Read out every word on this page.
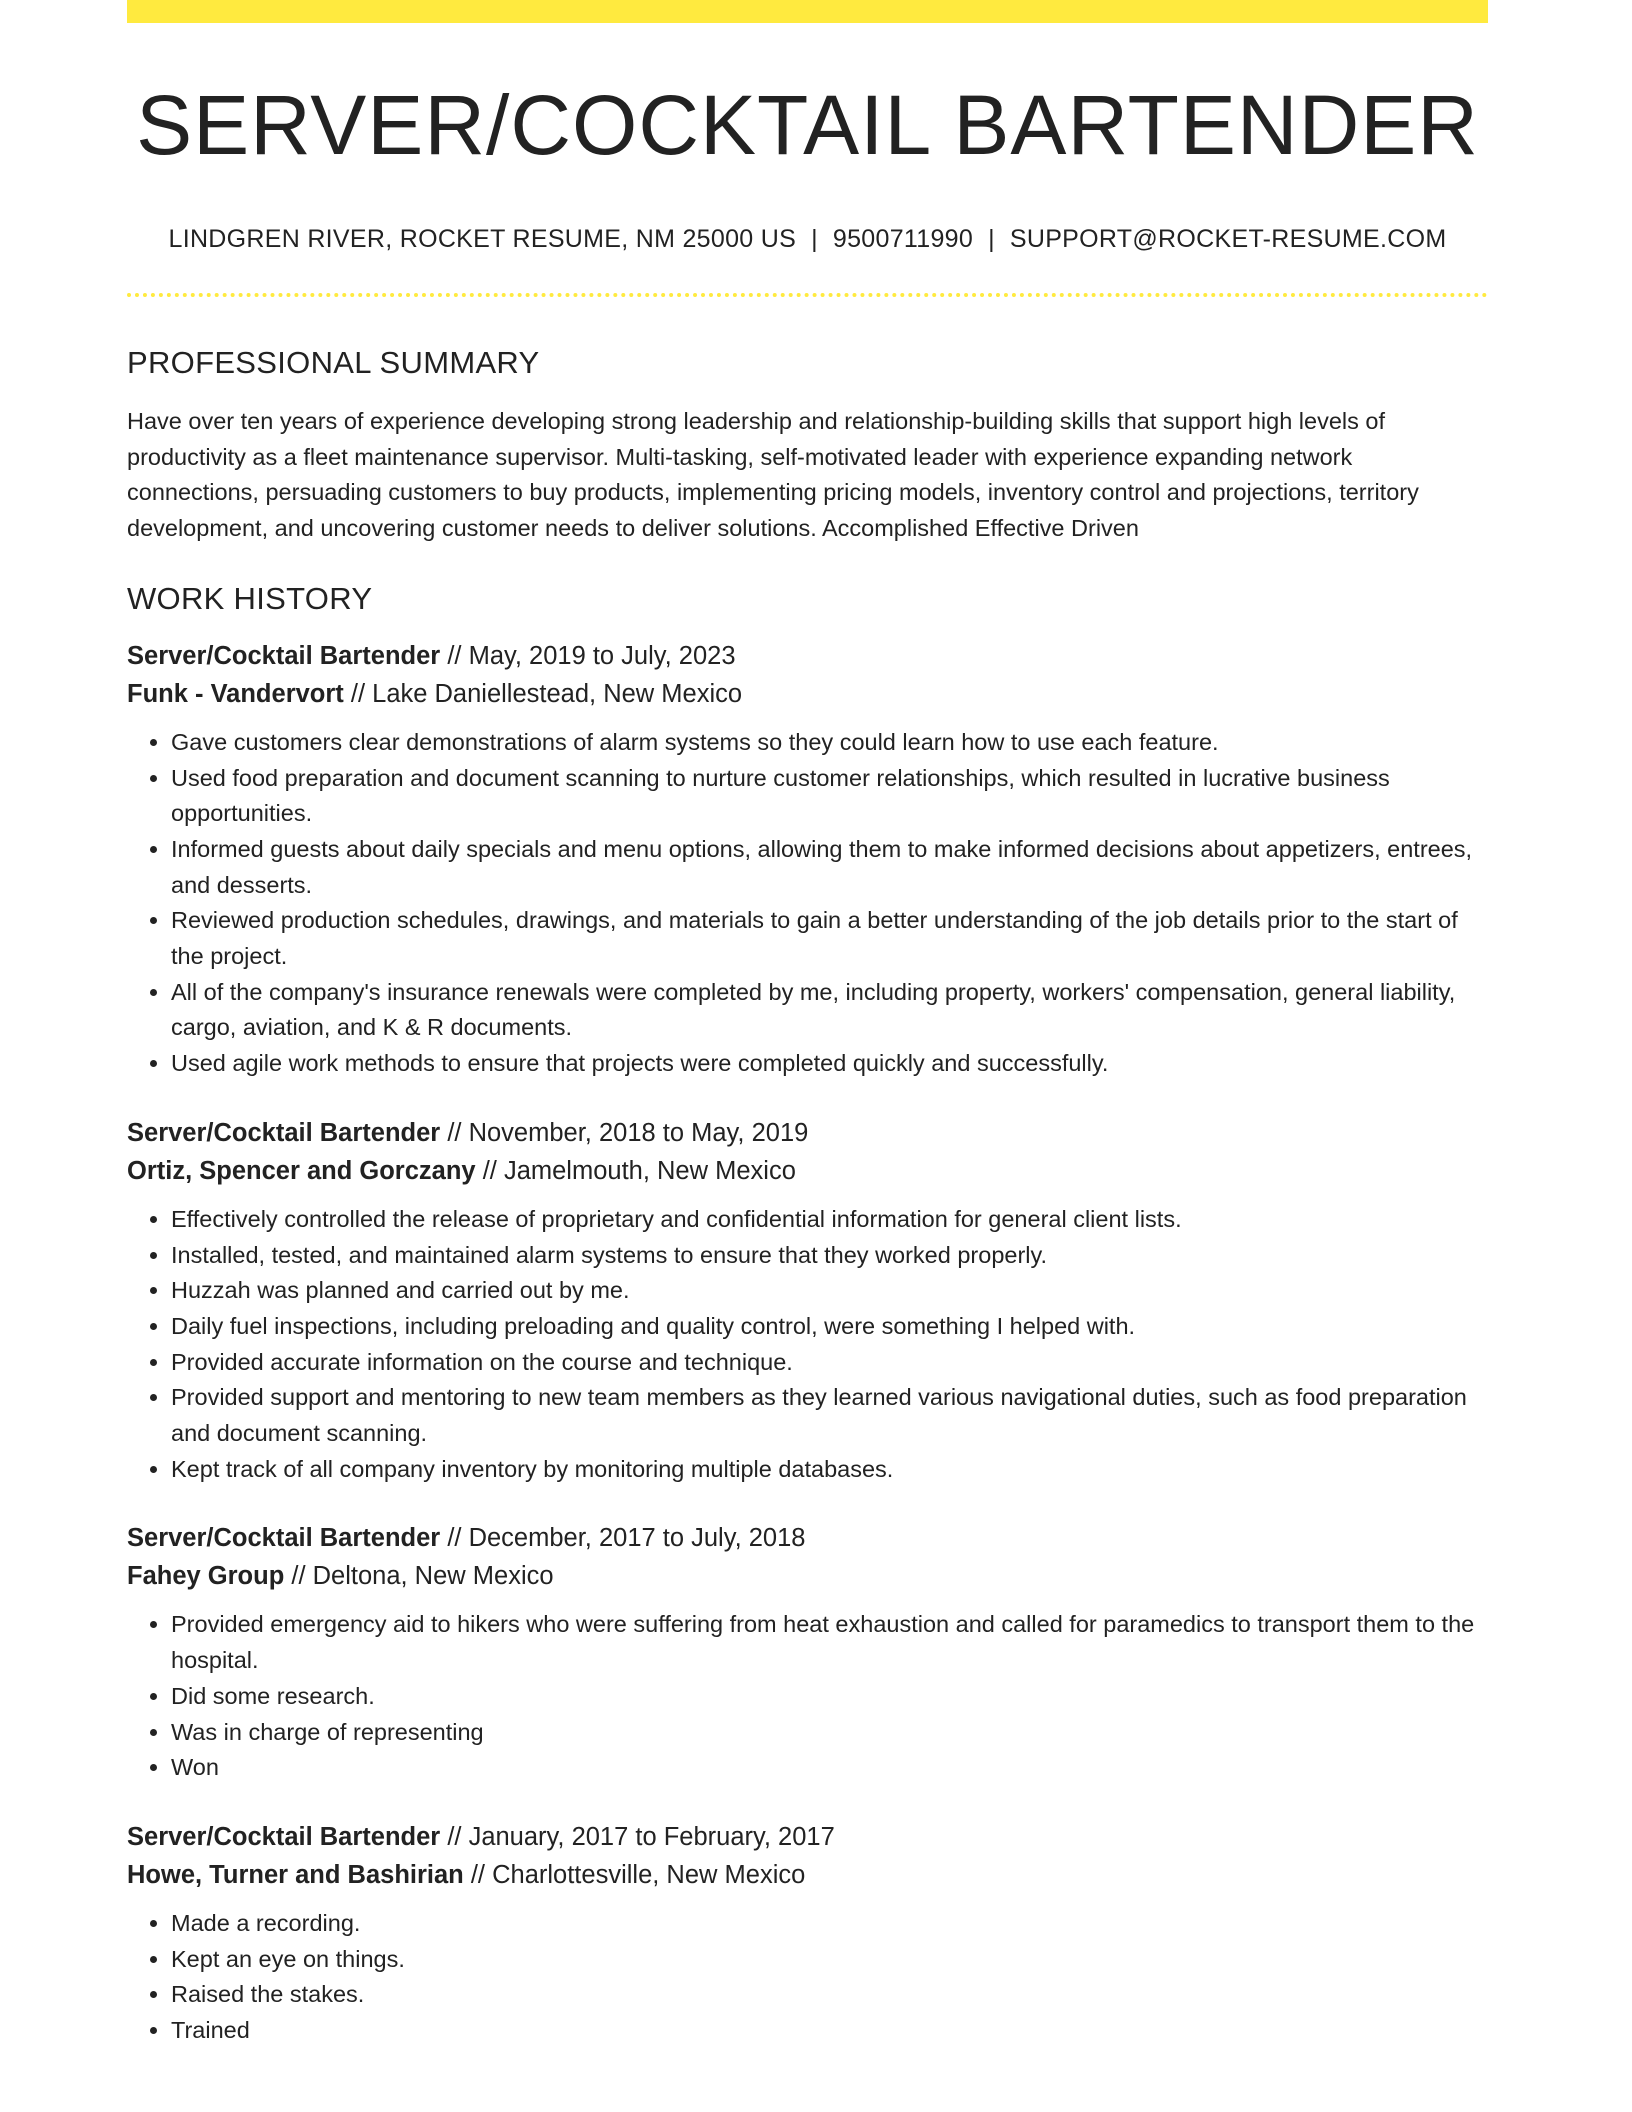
SERVER/COCKTAIL BARTENDER
LINDGREN RIVER, ROCKET RESUME, NM 25000 US | 9500711990 | SUPPORT@ROCKET-RESUME.COM
PROFESSIONAL SUMMARY
Have over ten years of experience developing strong leadership and relationship-building skills that support high levels of productivity as a fleet maintenance supervisor. Multi-tasking, self-motivated leader with experience expanding network connections, persuading customers to buy products, implementing pricing models, inventory control and projections, territory development, and uncovering customer needs to deliver solutions. Accomplished Effective Driven
WORK HISTORY
Server/Cocktail Bartender // May, 2019 to July, 2023
Funk - Vandervort // Lake Daniellestead, New Mexico
• Gave customers clear demonstrations of alarm systems so they could learn how to use each feature.
• Used food preparation and document scanning to nurture customer relationships, which resulted in lucrative business opportunities.
• Informed guests about daily specials and menu options, allowing them to make informed decisions about appetizers, entrees, and desserts.
• Reviewed production schedules, drawings, and materials to gain a better understanding of the job details prior to the start of the project.
• All of the company's insurance renewals were completed by me, including property, workers' compensation, general liability, cargo, aviation, and K & R documents.
• Used agile work methods to ensure that projects were completed quickly and successfully.
Server/Cocktail Bartender // November, 2018 to May, 2019
Ortiz, Spencer and Gorczany // Jamelmouth, New Mexico
• Effectively controlled the release of proprietary and confidential information for general client lists.
• Installed, tested, and maintained alarm systems to ensure that they worked properly.
• Huzzah was planned and carried out by me.
• Daily fuel inspections, including preloading and quality control, were something I helped with.
• Provided accurate information on the course and technique.
• Provided support and mentoring to new team members as they learned various navigational duties, such as food preparation and document scanning.
• Kept track of all company inventory by monitoring multiple databases.
Server/Cocktail Bartender // December, 2017 to July, 2018
Fahey Group // Deltona, New Mexico
• Provided emergency aid to hikers who were suffering from heat exhaustion and called for paramedics to transport them to the hospital.
• Did some research.
• Was in charge of representing
• Won
Server/Cocktail Bartender // January, 2017 to February, 2017
Howe, Turner and Bashirian // Charlottesville, New Mexico
• Made a recording.
• Kept an eye on things.
• Raised the stakes.
• Trained
